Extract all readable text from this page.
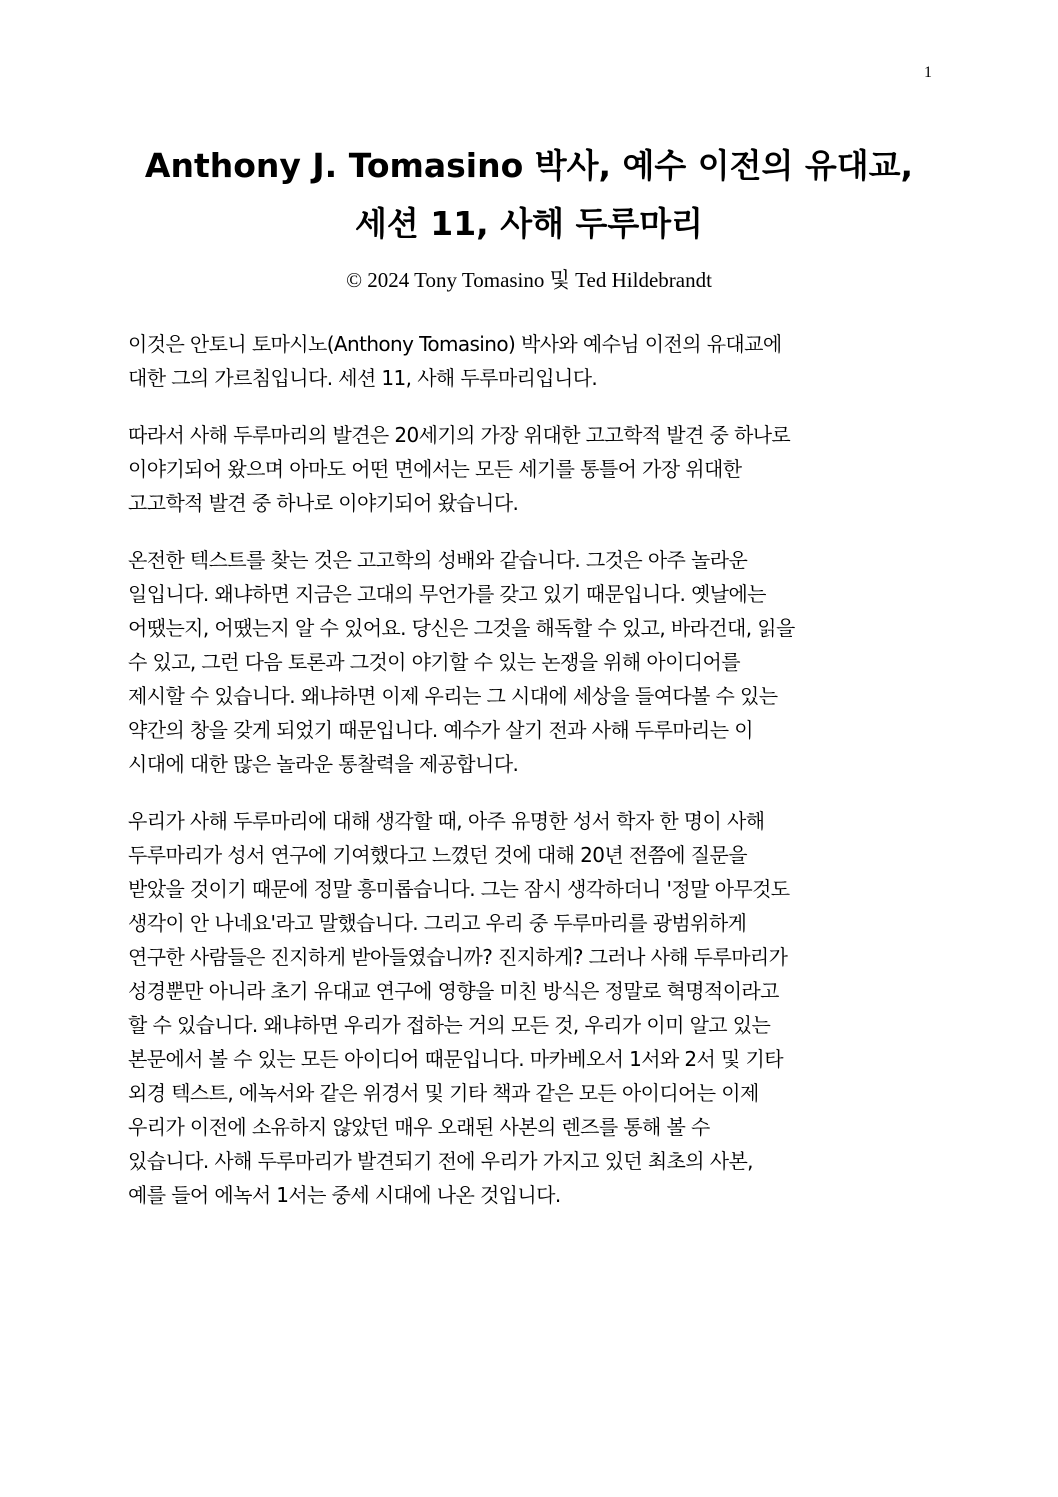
1
Anthony J. Tomasino 박사, 예수 이전의 유대교,
세션 11, 사해 두루마리

© 2024 Tony Tomasino 및 Ted Hildebrandt

이것은 안토니 토마시노(Anthony Tomasino) 박사와 예수님 이전의 유대교에
대한 그의 가르침입니다. 세션 11, 사해 두루마리입니다.

따라서 사해 두루마리의 발견은 20세기의 가장 위대한 고고학적 발견 중 하나로
이야기되어 왔으며 아마도 어떤 면에서는 모든 세기를 통틀어 가장 위대한
고고학적 발견 중 하나로 이야기되어 왔습니다.

온전한 텍스트를 찾는 것은 고고학의 성배와 같습니다. 그것은 아주 놀라운
일입니다. 왜냐하면 지금은 고대의 무언가를 갖고 있기 때문입니다. 옛날에는
어땠는지, 어땠는지 알 수 있어요. 당신은 그것을 해독할 수 있고, 바라건대, 읽을
수 있고, 그런 다음 토론과 그것이 야기할 수 있는 논쟁을 위해 아이디어를
제시할 수 있습니다. 왜냐하면 이제 우리는 그 시대에 세상을 들여다볼 수 있는
약간의 창을 갖게 되었기 때문입니다. 예수가 살기 전과 사해 두루마리는 이
시대에 대한 많은 놀라운 통찰력을 제공합니다.

우리가 사해 두루마리에 대해 생각할 때, 아주 유명한 성서 학자 한 명이 사해
두루마리가 성서 연구에 기여했다고 느꼈던 것에 대해 20년 전쯤에 질문을
받았을 것이기 때문에 정말 흥미롭습니다. 그는 잠시 생각하더니 '정말 아무것도
생각이 안 나네요'라고 말했습니다. 그리고 우리 중 두루마리를 광범위하게
연구한 사람들은 진지하게 받아들였습니까? 진지하게? 그러나 사해 두루마리가
성경뿐만 아니라 초기 유대교 연구에 영향을 미친 방식은 정말로 혁명적이라고
할 수 있습니다. 왜냐하면 우리가 접하는 거의 모든 것, 우리가 이미 알고 있는
본문에서 볼 수 있는 모든 아이디어 때문입니다. 마카베오서 1서와 2서 및 기타
외경 텍스트, 에녹서와 같은 위경서 및 기타 책과 같은 모든 아이디어는 이제
우리가 이전에 소유하지 않았던 매우 오래된 사본의 렌즈를 통해 볼 수
있습니다. 사해 두루마리가 발견되기 전에 우리가 가지고 있던 최초의 사본,
예를 들어 에녹서 1서는 중세 시대에 나온 것입니다.
